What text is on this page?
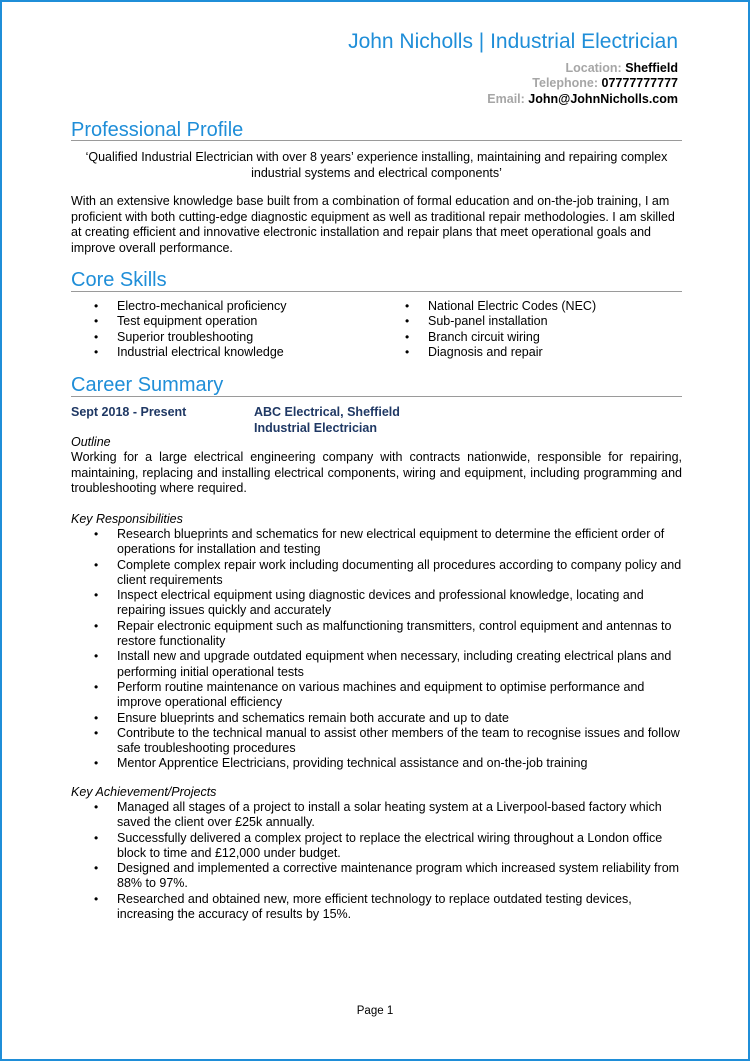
John Nicholls | Industrial Electrician
Location: Sheffield
Telephone: 07777777777
Email: John@JohnNicholls.com
Professional Profile
‘Qualified Industrial Electrician with over 8 years’ experience installing, maintaining and repairing complex industrial systems and electrical components’
With an extensive knowledge base built from a combination of formal education and on-the-job training, I am proficient with both cutting-edge diagnostic equipment as well as traditional repair methodologies. I am skilled at creating efficient and innovative electronic installation and repair plans that meet operational goals and improve overall performance.
Core Skills
• Electro-mechanical proficiency
• Test equipment operation
• Superior troubleshooting
• Industrial electrical knowledge
• National Electric Codes (NEC)
• Sub-panel installation
• Branch circuit wiring
• Diagnosis and repair
Career Summary
Sept 2018 - Present	ABC Electrical, Sheffield
Industrial Electrician
Outline
Working for a large electrical engineering company with contracts nationwide, responsible for repairing, maintaining, replacing and installing electrical components, wiring and equipment, including programming and troubleshooting where required.
Key Responsibilities
• Research blueprints and schematics for new electrical equipment to determine the efficient order of operations for installation and testing
• Complete complex repair work including documenting all procedures according to company policy and client requirements
• Inspect electrical equipment using diagnostic devices and professional knowledge, locating and repairing issues quickly and accurately
• Repair electronic equipment such as malfunctioning transmitters, control equipment and antennas to restore functionality
• Install new and upgrade outdated equipment when necessary, including creating electrical plans and performing initial operational tests
• Perform routine maintenance on various machines and equipment to optimise performance and improve operational efficiency
• Ensure blueprints and schematics remain both accurate and up to date
• Contribute to the technical manual to assist other members of the team to recognise issues and follow safe troubleshooting procedures
• Mentor Apprentice Electricians, providing technical assistance and on-the-job training
Key Achievement/Projects
• Managed all stages of a project to install a solar heating system at a Liverpool-based factory which saved the client over £25k annually.
• Successfully delivered a complex project to replace the electrical wiring throughout a London office block to time and £12,000 under budget.
• Designed and implemented a corrective maintenance program which increased system reliability from 88% to 97%.
• Researched and obtained new, more efficient technology to replace outdated testing devices, increasing the accuracy of results by 15%.
Page 1
